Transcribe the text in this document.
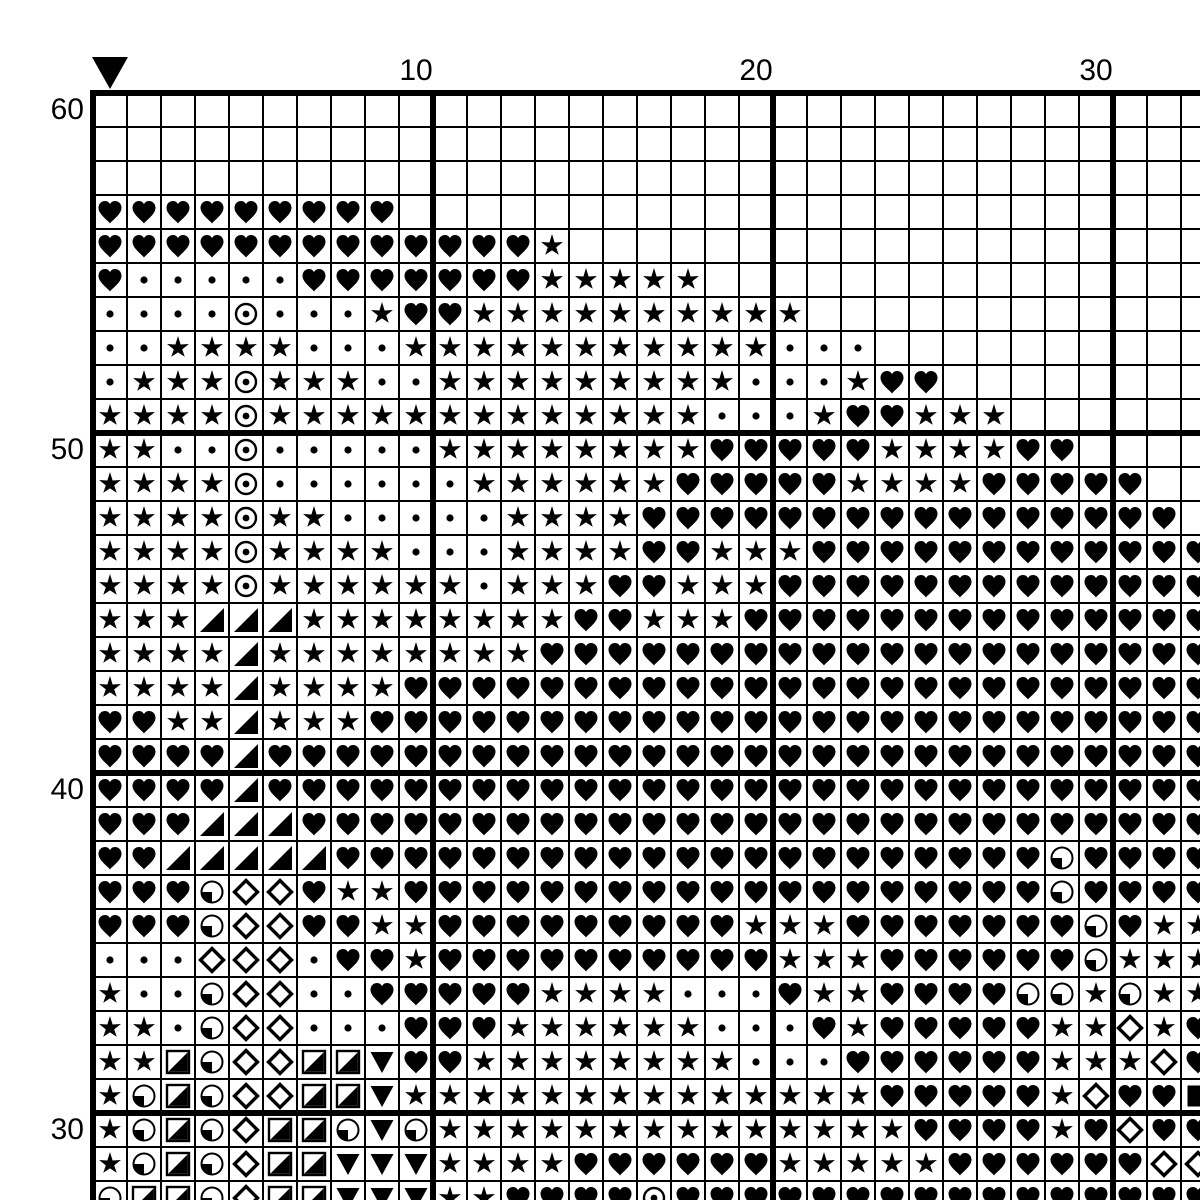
60
50
40
30
10	20	30
